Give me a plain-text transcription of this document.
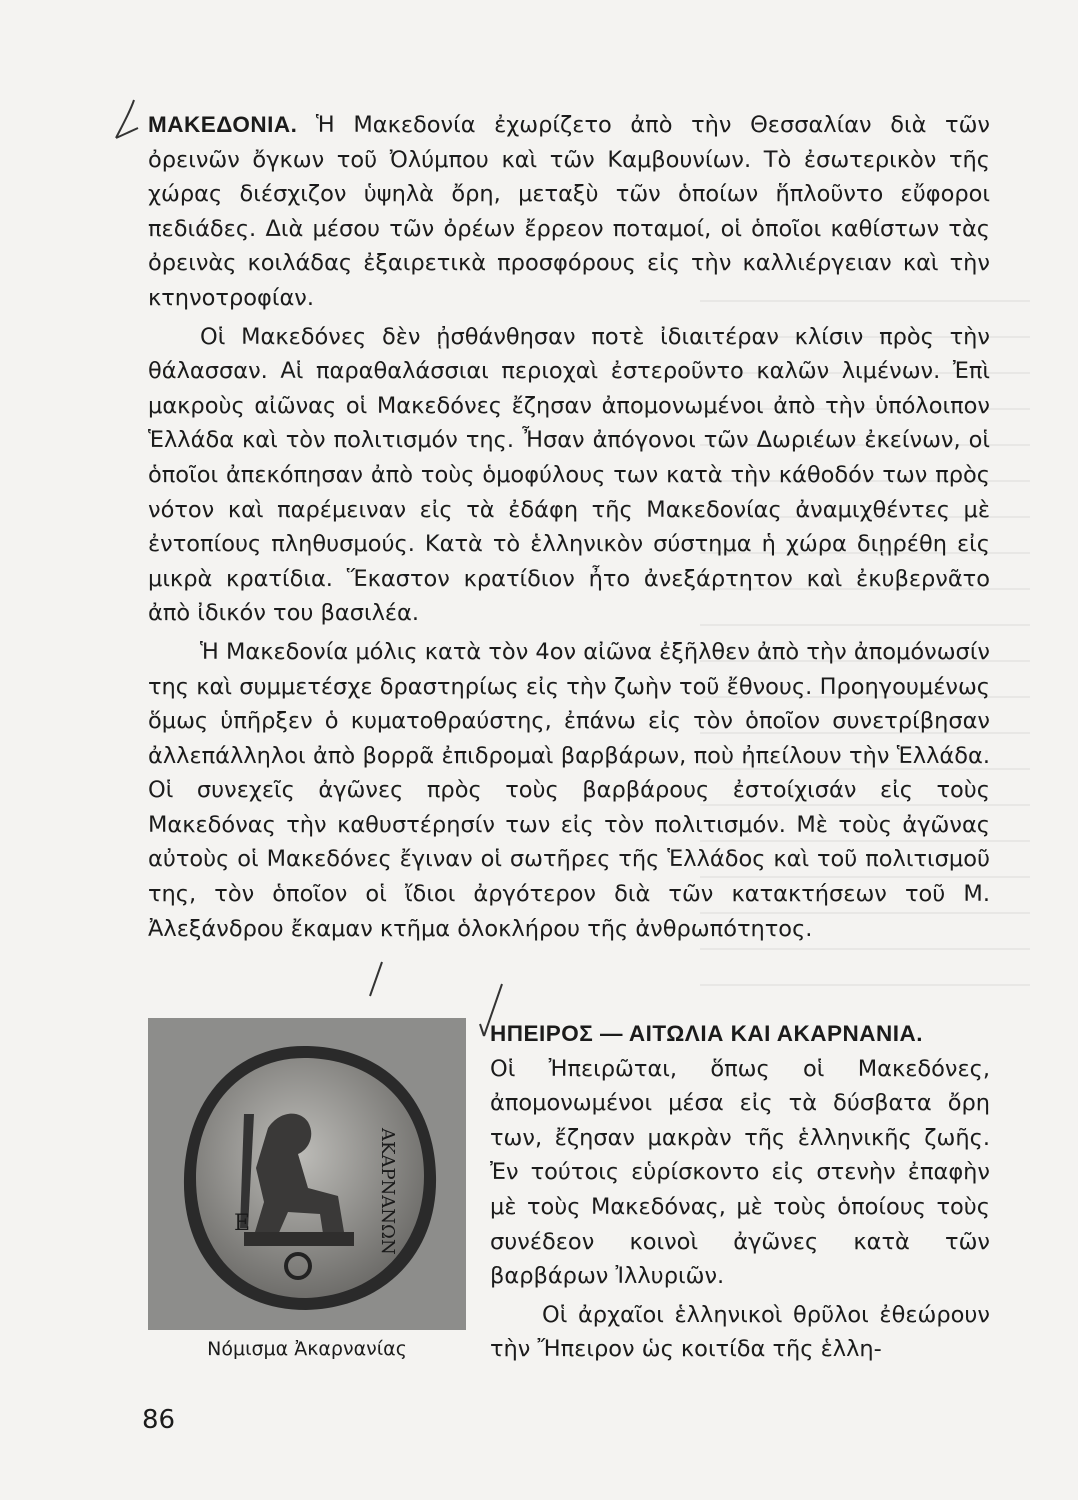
ΜΑΚΕΔΟΝΙΑ. Ἡ Μακεδονία ἐχωρίζετο ἀπὸ τὴν Θεσσαλίαν διὰ τῶν ὀρεινῶν ὄγκων τοῦ Ὀλύμπου καὶ τῶν Καμβουνίων. Τὸ ἐσωτερικὸν τῆς χώρας διέσχιζον ὑψηλὰ ὄρη, μεταξὺ τῶν ὁποίων ἥπλοῦντο εὔφοροι πεδιάδες. Διὰ μέσου τῶν ὀρέων ἔρρεον ποταμοί, οἱ ὁποῖοι καθίστων τὰς ὀρεινὰς κοιλάδας ἐξαιρετικὰ προσφόρους εἰς τὴν καλλιέργειαν καὶ τὴν κτηνοτροφίαν.

Οἱ Μακεδόνες δὲν ᾐσθάνθησαν ποτὲ ἰδιαιτέραν κλίσιν πρὸς τὴν θάλασσαν. Αἱ παραθαλάσσιαι περιοχαὶ ἐστεροῦντο καλῶν λιμένων. Ἐπὶ μακροὺς αἰῶνας οἱ Μακεδόνες ἔζησαν ἀπομονωμένοι ἀπὸ τὴν ὑπόλοιπον Ἑλλάδα καὶ τὸν πολιτισμόν της. Ἦσαν ἀπόγονοι τῶν Δωριέων ἐκείνων, οἱ ὁποῖοι ἀπεκόπησαν ἀπὸ τοὺς ὁμοφύλους των κατὰ τὴν κάθοδόν των πρὸς νότον καὶ παρέμειναν εἰς τὰ ἐδάφη τῆς Μακεδονίας ἀναμιχθέντες μὲ ἐντοπίους πληθυσμούς. Κατὰ τὸ ἑλληνικὸν σύστημα ἡ χώρα διῃρέθη εἰς μικρὰ κρατίδια. Ἕκαστον κρατίδιον ἦτο ἀνεξάρτητον καὶ ἐκυβερνᾶτο ἀπὸ ἰδικόν του βασιλέα.

Ἡ Μακεδονία μόλις κατὰ τὸν 4ον αἰῶνα ἐξῆλθεν ἀπὸ τὴν ἀπομόνωσίν της καὶ συμμετέσχε δραστηρίως εἰς τὴν ζωὴν τοῦ ἔθνους. Προηγουμένως ὅμως ὑπῆρξεν ὁ κυματοθραύστης, ἐπάνω εἰς τὸν ὁποῖον συνετρίβησαν ἀλλεπάλληλοι ἀπὸ βορρᾶ ἐπιδρομαὶ βαρβάρων, ποὺ ἠπείλουν τὴν Ἑλλάδα. Οἱ συνεχεῖς ἀγῶνες πρὸς τοὺς βαρβάρους ἐστοίχισάν εἰς τοὺς Μακεδόνας τὴν καθυστέρησίν των εἰς τὸν πολιτισμόν. Μὲ τοὺς ἀγῶνας αὐτοὺς οἱ Μακεδόνες ἔγιναν οἱ σωτῆρες τῆς Ἑλλάδος καὶ τοῦ πολιτισμοῦ της, τὸν ὁποῖον οἱ ἴδιοι ἀργότερον διὰ τῶν κατακτήσεων τοῦ Μ. Ἀλεξάνδρου ἔκαμαν κτῆμα ὁλοκλήρου τῆς ἀνθρωπότητος.

Ε	ΑΚΑΡΝΑΝΩΝ
Νόμισμα Ἀκαρνανίας

ΗΠΕΙΡΟΣ — ΑΙΤΩΛΙΑ ΚΑΙ ΑΚΑΡΝΑΝΙΑ.
Οἱ Ἠπειρῶται, ὅπως οἱ Μακεδόνες, ἀπομονωμένοι μέσα εἰς τὰ δύσβατα ὄρη των, ἔζησαν μακρὰν τῆς ἑλληνικῆς ζωῆς. Ἐν τούτοις εὑρίσκοντο εἰς στενὴν ἐπαφὴν μὲ τοὺς Μακεδόνας, μὲ τοὺς ὁποίους τοὺς συνέδεον κοινοὶ ἀγῶνες κατὰ τῶν βαρβάρων Ἰλλυριῶν.

Οἱ ἀρχαῖοι ἑλληνικοὶ θρῦλοι ἐθεώρουν τὴν Ἤπειρον ὡς κοιτίδα τῆς ἑλλη-

86
